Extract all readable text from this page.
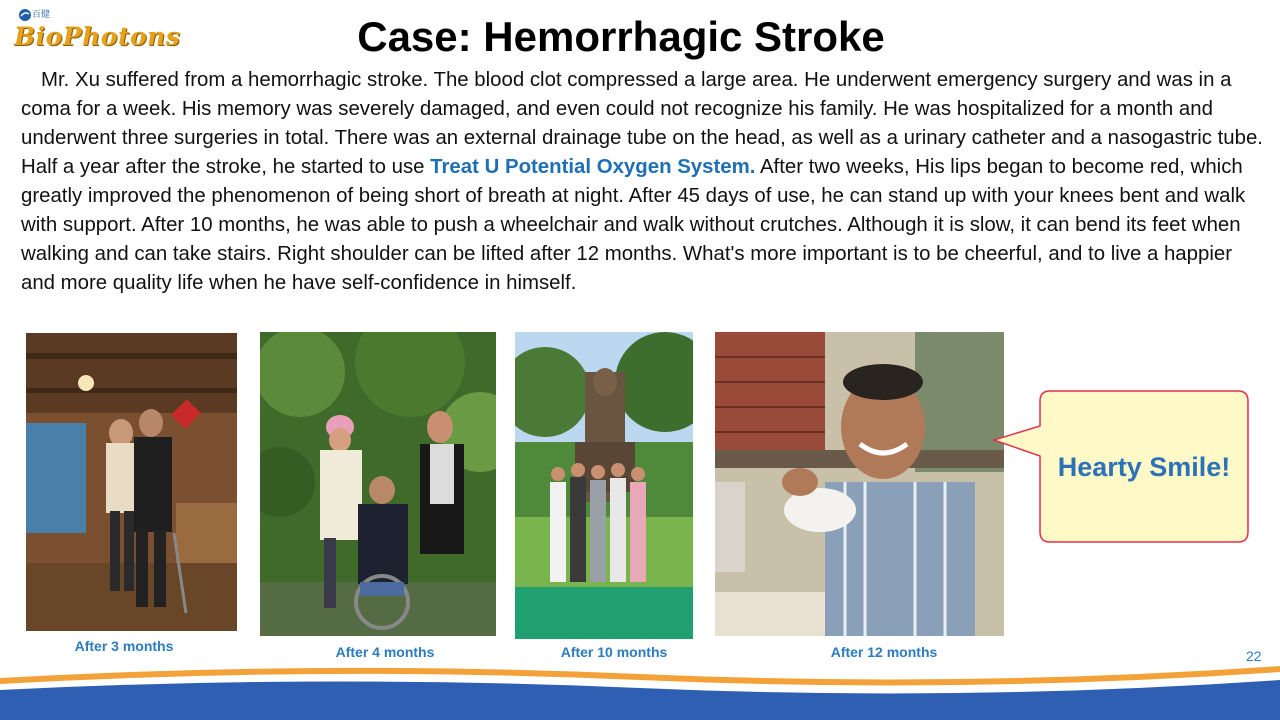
百健
BioPhotons	Case: Hemorrhagic Stroke
Mr. Xu suffered from a hemorrhagic stroke. The blood clot compressed a large area. He underwent emergency surgery and was in a coma for a week. His memory was severely damaged, and even could not recognize his family. He was hospitalized for a month and underwent three surgeries in total. There was an external drainage tube on the head, as well as a urinary catheter and a nasogastric tube. Half a year after the stroke, he started to use Treat U Potential Oxygen System. After two weeks, His lips began to become red, which greatly improved the phenomenon of being short of breath at night. After 45 days of use, he can stand up with your knees bent and walk with support. After 10 months, he was able to push a wheelchair and walk without crutches. Although it is slow, it can bend its feet when walking and can take stairs. Right shoulder can be lifted after 12 months. What's more important is to be cheerful, and to live a happier and more quality life when he have self-confidence in himself.
After 3 months	After 4 months	After 10 months	After 12 months
Hearty Smile!
22
